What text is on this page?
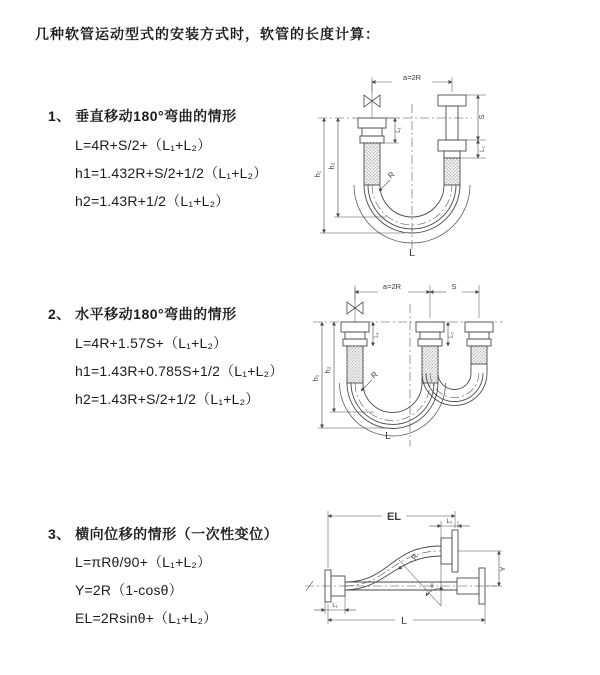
几种软管运动型式的安装方式时，软管的长度计算：
1、 垂直移动180°弯曲的情形
L=4R+S/2+（L₁+L₂）
h1=1.432R+S/2+1/2（L₁+L₂）
h2=1.43R+1/2（L₁+L₂）
2、 水平移动180°弯曲的情形
L=4R+1.57S+（L₁+L₂）
h1=1.43R+0.785S+1/2（L₁+L₂）
h2=1.43R+S/2+1/2（L₁+L₂）
3、 横向位移的情形（一次性变位）
L=πRθ/90+（L₁+L₂）
Y=2R（1-cosθ）
EL=2Rsinθ+（L₁+L₂）
a=2R
L₁
S
L₂
h₁
h₂
R
L
a=2R	S
L₁	L₂
h₁
h₂	R
L
EL	L₂
Y
R
θ
L
L₁
